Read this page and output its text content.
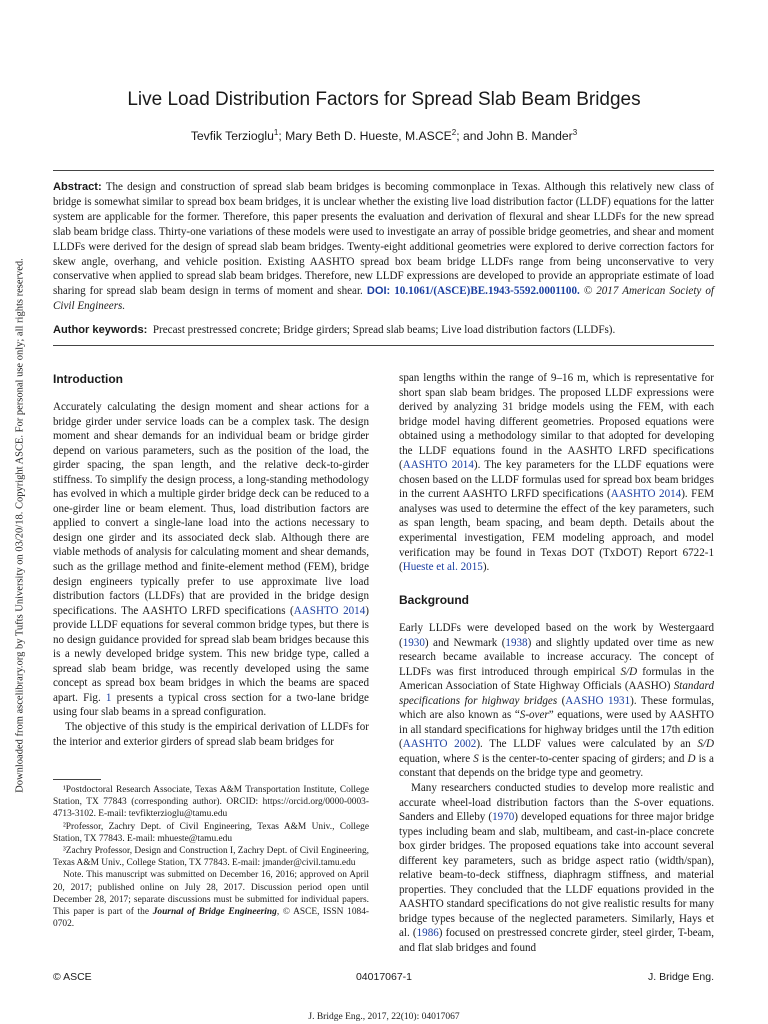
Downloaded from ascelibrary.org by Tufts University on 03/20/18. Copyright ASCE. For personal use only; all rights reserved.
Live Load Distribution Factors for Spread Slab Beam Bridges
Tevfik Terzioglu$^1$; Mary Beth D. Hueste, M.ASCE$^2$; and John B. Mander$^3$
Abstract: The design and construction of spread slab beam bridges is becoming commonplace in Texas. Although this relatively new class of bridge is somewhat similar to spread box beam bridges, it is unclear whether the existing live load distribution factor (LLDF) equations for the latter system are applicable for the former. Therefore, this paper presents the evaluation and derivation of flexural and shear LLDFs for the new spread slab beam bridge class. Thirty-one variations of these models were used to investigate an array of possible bridge geometries, and shear and moment LLDFs were derived for the design of spread slab beam bridges. Twenty-eight additional geometries were explored to derive correction factors for skew angle, overhang, and vehicle position. Existing AASHTO spread box beam bridge LLDFs range from being unconservative to very conservative when applied to spread slab beam bridges. Therefore, new LLDF expressions are developed to provide an appropriate estimate of load sharing for spread slab beam design in terms of moment and shear. DOI: 10.1061/(ASCE)BE.1943-5592.0001100. © 2017 American Society of Civil Engineers.
Author keywords: Precast prestressed concrete; Bridge girders; Spread slab beams; Live load distribution factors (LLDFs).
Introduction

Accurately calculating the design moment and shear actions for a bridge girder under service loads can be a complex task. The design moment and shear demands for an individual beam or bridge girder depend on various parameters, such as the position of the load, the girder spacing, the span length, and the relative deck-to-girder stiffness. To simplify the design process, a long-standing methodology has evolved in which a multiple girder bridge deck can be reduced to a one-girder line or beam element. Thus, load distribution factors are applied to convert a single-lane load into the actions necessary to design one girder and its associated deck slab. Although there are viable methods of analysis for calculating moment and shear demands, such as the grillage method and finite-element method (FEM), bridge design engineers typically prefer to use approximate live load distribution factors (LLDFs) that are provided in the bridge design specifications. The AASHTO LRFD specifications (AASHTO 2014) provide LLDF equations for several common bridge types, but there is no design guidance provided for spread slab beam bridges because this is a newly developed bridge system. This new bridge type, called a spread slab beam bridge, was recently developed using the same concept as spread box beam bridges in which the beams are spaced apart. Fig. 1 presents a typical cross section for a two-lane bridge using four slab beams in a spread configuration.

The objective of this study is the empirical derivation of LLDFs for the interior and exterior girders of spread slab beam bridges for

¹Postdoctoral Research Associate, Texas A&M Transportation Institute, College Station, TX 77843 (corresponding author). ORCID: https://orcid.org/0000-0003-4713-3102. E-mail: tevfikterzioglu@tamu.edu

²Professor, Zachry Dept. of Civil Engineering, Texas A&M Univ., College Station, TX 77843. E-mail: mhueste@tamu.edu

³Zachry Professor, Design and Construction I, Zachry Dept. of Civil Engineering, Texas A&M Univ., College Station, TX 77843. E-mail: jmander@civil.tamu.edu

Note. This manuscript was submitted on December 16, 2016; approved on April 20, 2017; published online on July 28, 2017. Discussion period open until December 28, 2017; separate discussions must be submitted for individual papers. This paper is part of the Journal of Bridge Engineering, © ASCE, ISSN 1084-0702.

span lengths within the range of 9–16 m, which is representative for short span slab beam bridges. The proposed LLDF expressions were derived by analyzing 31 bridge models using the FEM, with each bridge model having different geometries. Proposed equations were obtained using a methodology similar to that adopted for developing the LLDF equations found in the AASHTO LRFD specifications (AASHTO 2014). The key parameters for the LLDF equations were chosen based on the LLDF formulas used for spread box beam bridges in the current AASHTO LRFD specifications (AASHTO 2014). FEM analyses was used to determine the effect of the key parameters, such as span length, beam spacing, and beam depth. Details about the experimental investigation, FEM modeling approach, and model verification may be found in Texas DOT (TxDOT) Report 6722-1 (Hueste et al. 2015).

Background

Early LLDFs were developed based on the work by Westergaard (1930) and Newmark (1938) and slightly updated over time as new research became available to increase accuracy. The concept of LLDFs was first introduced through empirical S/D formulas in the American Association of State Highway Officials (AASHO) Standard specifications for highway bridges (AASHO 1931). These formulas, which are also known as “S-over” equations, were used by AASHTO in all standard specifications for highway bridges until the 17th edition (AASHTO 2002). The LLDF values were calculated by an S/D equation, where S is the center-to-center spacing of girders; and D is a constant that depends on the bridge type and geometry.

Many researchers conducted studies to develop more realistic and accurate wheel-load distribution factors than the S-over equations. Sanders and Elleby (1970) developed equations for three major bridge types including beam and slab, multibeam, and cast-in-place concrete box girder bridges. The proposed equations take into account several different key parameters, such as bridge aspect ratio (width/span), relative beam-to-deck stiffness, diaphragm stiffness, and material properties. They concluded that the LLDF equations provided in the AASHTO standard specifications do not give realistic results for many bridge types because of the neglected parameters. Similarly, Hays et al. (1986) focused on prestressed concrete girder, steel girder, T-beam, and flat slab bridges and found

© ASCE	04017067-1	J. Bridge Eng.
J. Bridge Eng., 2017, 22(10): 04017067
